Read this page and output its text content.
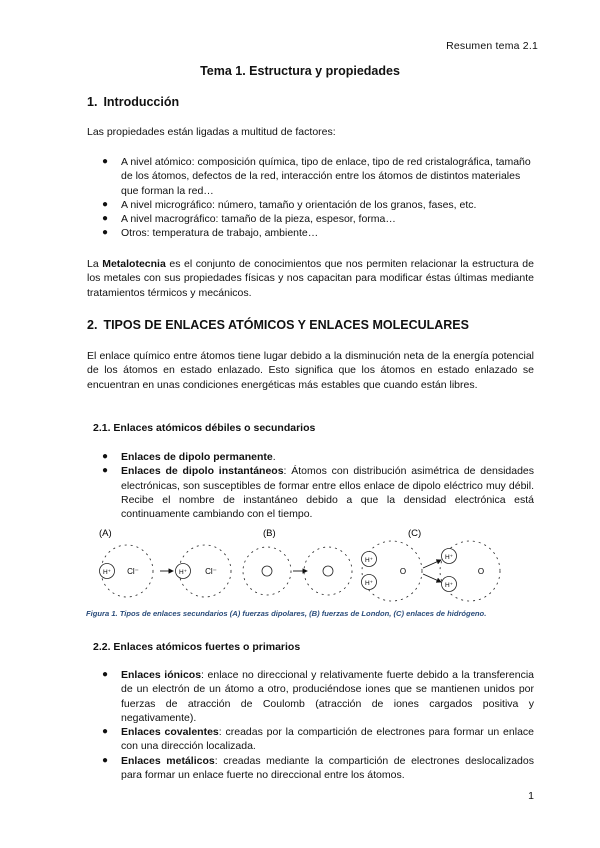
Resumen tema 2.1
Tema 1. Estructura y propiedades
1. Introducción

Las propiedades están ligadas a multitud de factores:

● A nivel atómico: composición química, tipo de enlace, tipo de red cristalográfica, tamaño de los átomos, defectos de la red, interacción entre los átomos de distintos materiales que forman la red…
● A nivel micrográfico: número, tamaño y orientación de los granos, fases, etc.
● A nivel macrográfico: tamaño de la pieza, espesor, forma…
● Otros: temperatura de trabajo, ambiente…

La Metalotecnia es el conjunto de conocimientos que nos permiten relacionar la estructura de los metales con sus propiedades físicas y nos capacitan para modificar éstas últimas mediante tratamientos térmicos y mecánicos.

2. TIPOS DE ENLACES ATÓMICOS Y ENLACES MOLECULARES

El enlace químico entre átomos tiene lugar debido a la disminución neta de la energía potencial de los átomos en estado enlazado. Esto significa que los átomos en estado enlazado se encuentran en unas condiciones energéticas más estables que cuando están libres.

2.1. Enlaces atómicos débiles o secundarios
● Enlaces de dipolo permanente.
● Enlaces de dipolo instantáneos: Átomos con distribución asimétrica de densidades electrónicas, son susceptibles de formar entre ellos enlace de dipolo eléctrico muy débil. Recibe el nombre de instantáneo debido a que la densidad electrónica está continuamente cambiando con el tiempo.
(A)	(B)	(C)
H⁺ Cl⁻	H⁺ Cl⁻
H⁺
H⁺
O
H⁺
H⁺
O
Figura 1. Tipos de enlaces secundarios (A) fuerzas dipolares, (B) fuerzas de London, (C) enlaces de hidrógeno.
2.2. Enlaces atómicos fuertes o primarios
● Enlaces iónicos: enlace no direccional y relativamente fuerte debido a la transferencia de un electrón de un átomo a otro, produciéndose iones que se mantienen unidos por fuerzas de atracción de Coulomb (atracción de iones cargados positiva y negativamente).
● Enlaces covalentes: creadas por la compartición de electrones para formar un enlace con una dirección localizada.
● Enlaces metálicos: creadas mediante la compartición de electrones deslocalizados para formar un enlace fuerte no direccional entre los átomos.
1
